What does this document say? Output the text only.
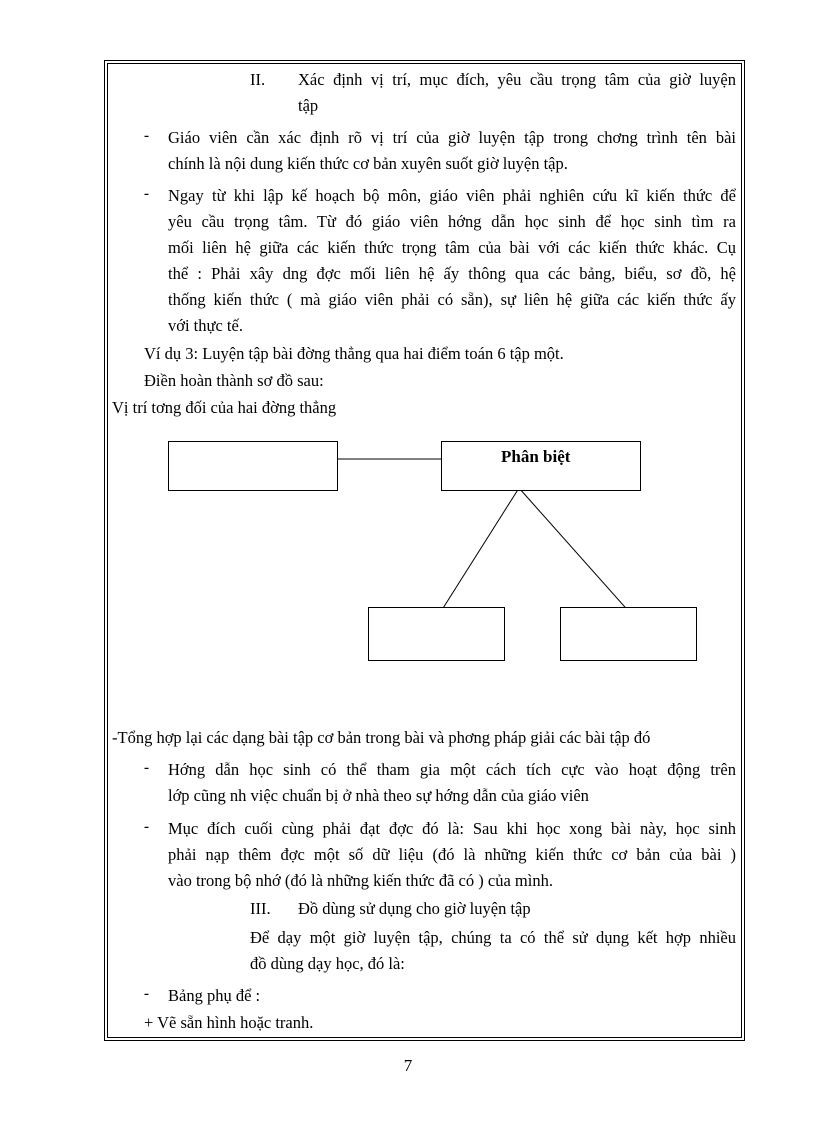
II. Xác định vị trí, mục đích, yêu cầu trọng tâm của giờ luyện
tập
- Giáo viên cần xác định rõ vị trí của giờ luyện tập trong chơng trình tên bài
chính là nội dung kiến thức cơ bản xuyên suốt giờ luyện tập.
- Ngay từ khi lập kế hoạch bộ môn, giáo viên phải nghiên cứu kĩ kiến thức để
yêu cầu trọng tâm. Từ đó giáo viên hớng dẫn học sinh để học sinh tìm ra
mối liên hệ giữa các kiến thức trọng tâm của bài với các kiến thức khác. Cụ
thể : Phải xây dng đợc mối liên hệ ấy thông qua các bảng, biểu, sơ đồ, hệ
thống kiến thức ( mà giáo viên phải có sẵn), sự liên hệ giữa các kiến thức ấy
với thực tế.
Ví dụ 3: Luyện tập bài đờng thẳng qua hai điểm toán 6 tập một.
Điền hoàn thành sơ đồ sau:
Vị trí tơng đối của hai đờng thẳng
Phân biệt
-Tổng hợp lại các dạng bài tập cơ bản trong bài và phơng pháp giải các bài tập đó
- Hớng dẫn học sinh có thể tham gia một cách tích cực vào hoạt động trên
lớp cũng nh việc chuẩn bị ở nhà theo sự hớng dẫn của giáo viên
- Mục đích cuối cùng phải đạt đợc đó là: Sau khi học xong bài này, học sinh
phải nạp thêm đợc một số dữ liệu (đó là những kiến thức cơ bản của bài )
vào trong bộ nhớ (đó là những kiến thức đã có ) của mình.
III. Đồ dùng sử dụng cho giờ luyện tập
Để dạy một giờ luyện tập, chúng ta có thể sử dụng kết hợp nhiều
đồ dùng dạy học, đó là:
- Bảng phụ để :
+ Vẽ sẵn hình hoặc tranh.
7
